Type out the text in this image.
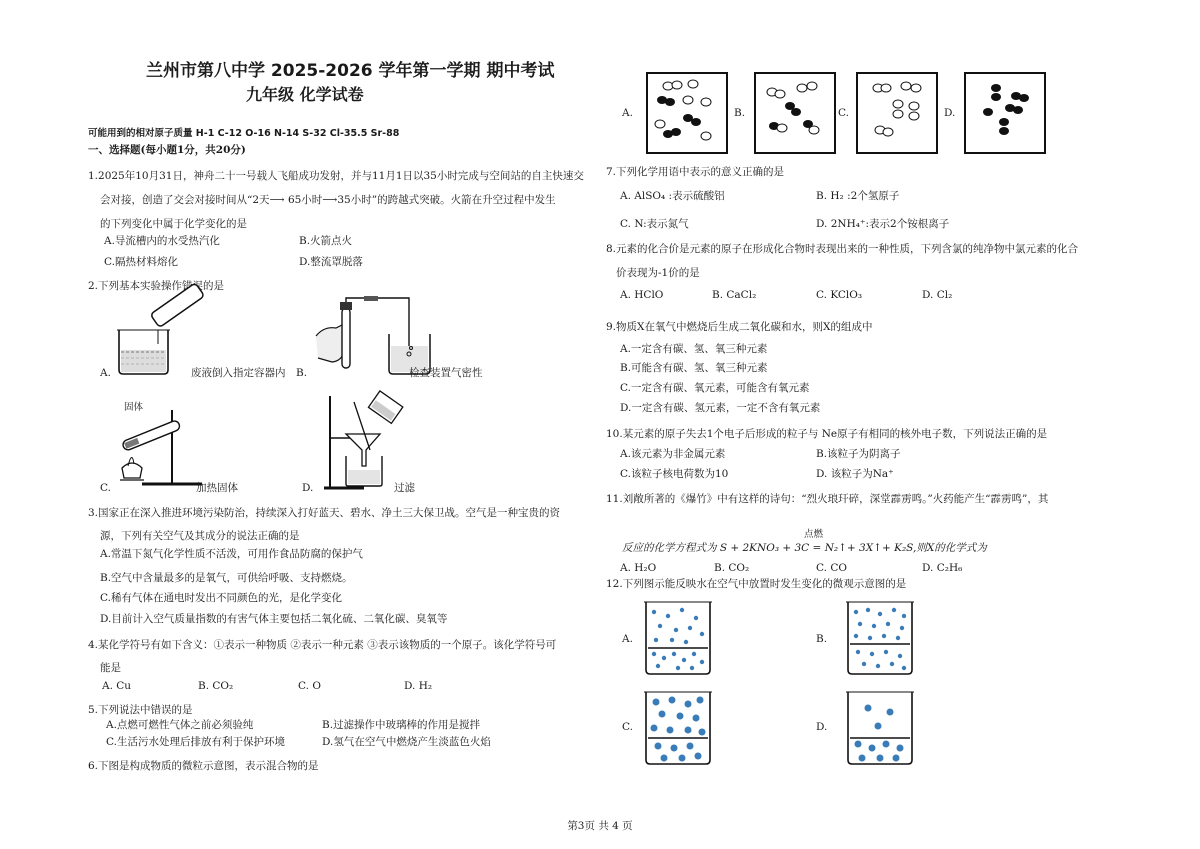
兰州市第八中学 2025-2026 学年第一学期 期中考试
九年级 化学试卷
可能用到的相对原子质量 H-1 C-12 O-16 N-14 S-32 Cl-35.5 Sr-88
一、选择题(每小题1分，共20分)
1.2025年10月31日，神舟二十一号载人飞船成功发射，并与11月1日以35小时完成与空间站的自主快速交
会对接，创造了交会对接时间从“2天⟶ 65小时⟶35小时”的跨越式突破。火箭在升空过程中发生
的下列变化中属于化学变化的是
A.导流槽内的水受热汽化	B.火箭点火
C.隔热材料熔化	D.整流罩脱落
2.下列基本实验操作错误的是
A.	废液倒入指定容器内 B.	检查装置气密性
固体
C.	加热固体	D.	过滤
3.国家正在深入推进环境污染防治，持续深入打好蓝天、碧水、净土三大保卫战。空气是一种宝贵的资
源，下列有关空气及其成分的说法正确的是
A.常温下氮气化学性质不活泼，可用作食品防腐的保护气
B.空气中含量最多的是氧气，可供给呼吸、支持燃烧。
C.稀有气体在通电时发出不同颜色的光，是化学变化
D.目前计入空气质量指数的有害气体主要包括二氧化硫、二氧化碳、臭氧等
4.某化学符号有如下含义：①表示一种物质 ②表示一种元素 ③表示该物质的一个原子。该化学符号可
能是
A. Cu	B. CO₂	C. O	D. H₂
5.下列说法中错误的是
A.点燃可燃性气体之前必须验纯	B.过滤操作中玻璃棒的作用是搅拌
C.生活污水处理后排放有利于保护环境	D.氢气在空气中燃烧产生淡蓝色火焰
6.下图是构成物质的微粒示意图，表示混合物的是
A.	B.	C.	D.
7.下列化学用语中表示的意义正确的是
A. AlSO₄ :表示硫酸铝	B. H₂ :2个氢原子
C. N:表示氮气	D. 2NH₄⁺:表示2个铵根离子
8.元素的化合价是元素的原子在形成化合物时表现出来的一种性质，下列含氯的纯净物中氯元素的化合
价表现为-1价的是
A. HClO	B. CaCl₂	C. KClO₃	D. Cl₂
9.物质X在氧气中燃烧后生成二氧化碳和水，则X的组成中
A.一定含有碳、氢、氧三种元素
B.可能含有碳、氢、氧三种元素
C.一定含有碳、氧元素，可能含有氧元素
D.一定含有碳、氢元素，一定不含有氧元素
10.某元素的原子失去1个电子后形成的粒子与 Ne原子有相同的核外电子数，下列说法正确的是
A.该元素为非金属元素	B.该粒子为阴离子
C.该粒子核电荷数为10	D. 该粒子为Na⁺
11.刘敞所著的《爆竹》中有这样的诗句：“烈火琅玕碎，深堂霹雳鸣。”火药能产生“霹雳鸣”，其
点燃
反应的化学方程式为 S + 2KNO₃ + 3C = N₂↑+ 3X↑+ K₂S,则X的化学式为
A. H₂O	B. CO₂	C. CO	D. C₂H₆
12.下列图示能反映水在空气中放置时发生变化的微观示意图的是
A.	B.
C.	D.
第3页 共 4 页
